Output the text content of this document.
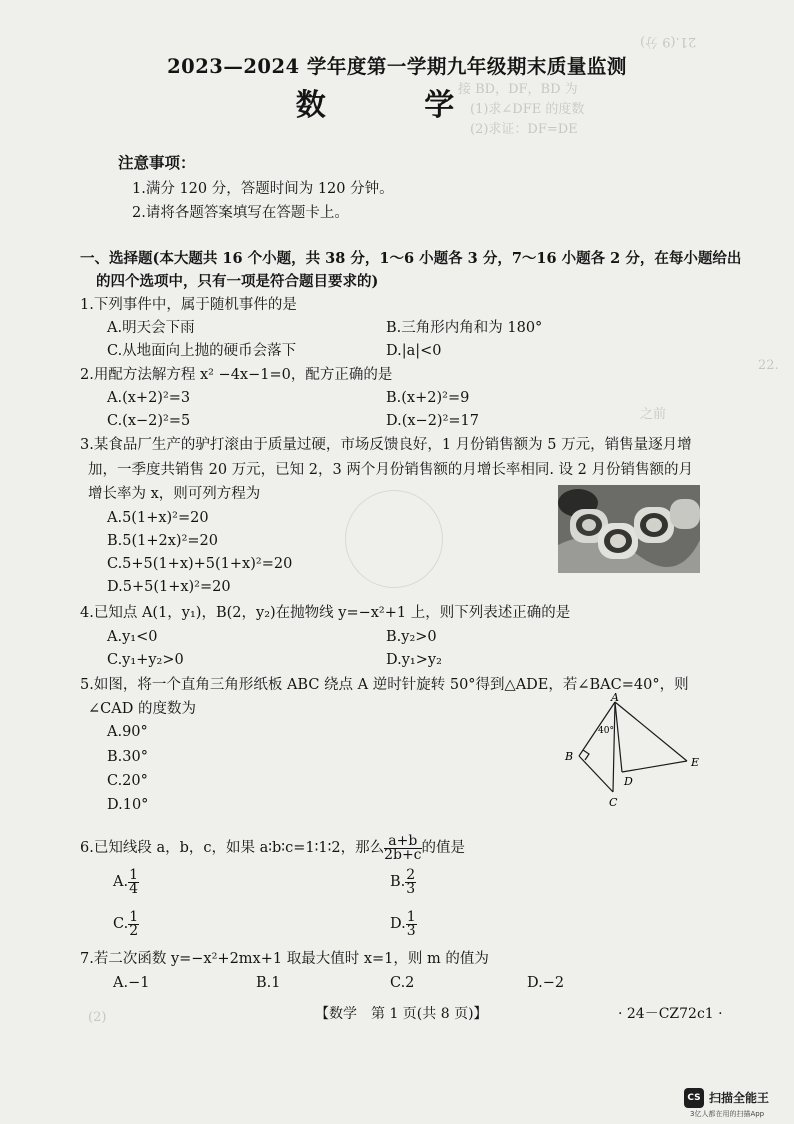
21.(9 分)
接 BD，DF，BD 为
(1)求∠DFE 的度数
(2)求证：DF=DE
22.
之前
(2)
2023—2024 学年度第一学期九年级期末质量监测
数 学
注意事项：
1.满分 120 分，答题时间为 120 分钟。
2.请将各题答案填写在答题卡上。
一、选择题(本大题共 16 个小题，共 38 分，1～6 小题各 3 分，7～16 小题各 2 分，在每小题给出
的四个选项中，只有一项是符合题目要求的)
1.下列事件中，属于随机事件的是
A.明天会下雨	B.三角形内角和为 180°
C.从地面向上抛的硬币会落下	D.|a|<0
2.用配方法解方程 x² −4x−1=0，配方正确的是
A.(x+2)²=3	B.(x+2)²=9
C.(x−2)²=5	D.(x−2)²=17
3.某食品厂生产的驴打滚由于质量过硬，市场反馈良好，1 月份销售额为 5 万元，销售量逐月增
加，一季度共销售 20 万元，已知 2，3 两个月份销售额的月增长率相同. 设 2 月份销售额的月
增长率为 x，则可列方程为
A.5(1+x)²=20
B.5(1+2x)²=20
C.5+5(1+x)+5(1+x)²=20
D.5+5(1+x)²=20
4.已知点 A(1，y₁)，B(2，y₂)在抛物线 y=−x²+1 上，则下列表述正确的是
A.y₁<0	B.y₂>0
C.y₁+y₂>0	D.y₁>y₂
5.如图，将一个直角三角形纸板 ABC 绕点 A 逆时针旋转 50°得到△ADE，若∠BAC=40°，则
∠CAD 的度数为
A.90°
B.30°
C.20°
D.10°
A
B
C
D
E
40°
6.已知线段 a，b，c，如果 a∶b∶c=1∶1∶2，那么 $\frac{a+b}{2b+c}$ 的值是
A. $\frac{1}{4}$	B. $\frac{2}{3}$
C. $\frac{1}{2}$	D. $\frac{1}{3}$
7.若二次函数 y=−x²+2mx+1 取最大值时 x=1，则 m 的值为
A.−1	B.1	C.2	D.−2
【数学　第 1 页(共 8 页)】	· 24－CZ72c1 ·
CS 扫描全能王
3亿人都在用的扫描App
